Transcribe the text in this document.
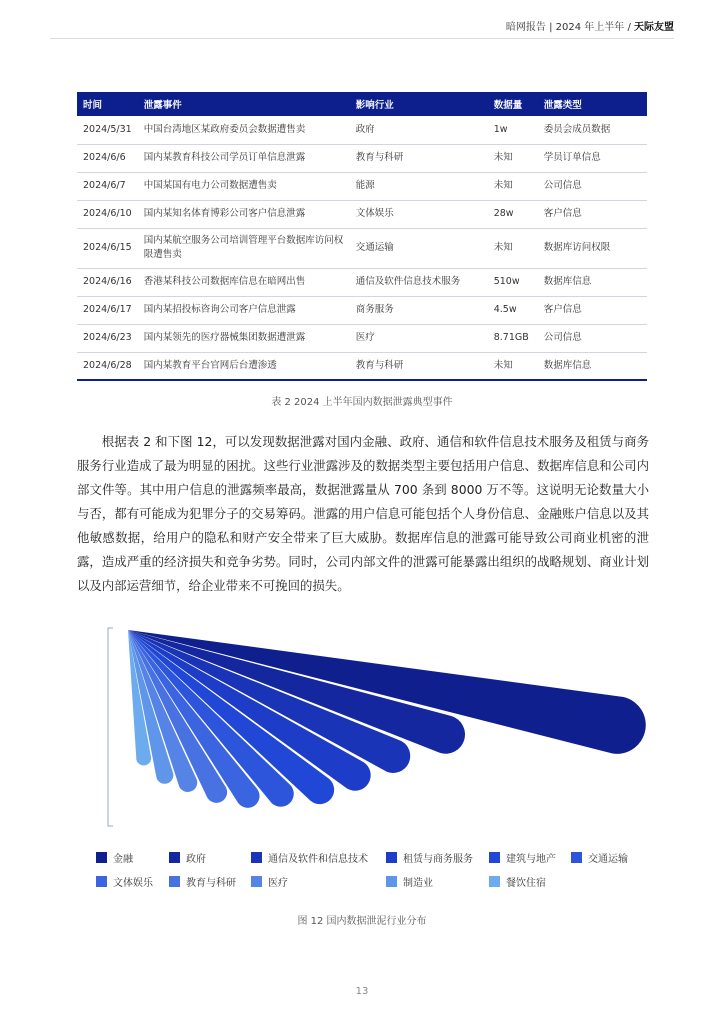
暗网报告 | 2024 年上半年 / 天际友盟
时间	泄露事件	影响行业	数据量	泄露类型
2024/5/31	中国台湾地区某政府委员会数据遭售卖	政府	1w	委员会成员数据
2024/6/6	国内某教育科技公司学员订单信息泄露	教育与科研	未知	学员订单信息
2024/6/7	中国某国有电力公司数据遭售卖	能源	未知	公司信息
2024/6/10	国内某知名体育博彩公司客户信息泄露	文体娱乐	28w	客户信息
2024/6/15	国内某航空服务公司培训管理平台数据库访问权限遭售卖	交通运输	未知	数据库访问权限
2024/6/16	香港某科技公司数据库信息在暗网出售	通信及软件信息技术服务	510w	数据库信息
2024/6/17	国内某招投标咨询公司客户信息泄露	商务服务	4.5w	客户信息
2024/6/23	国内某领先的医疗器械集团数据遭泄露	医疗	8.71GB	公司信息
2024/6/28	国内某教育平台官网后台遭渗透	教育与科研	未知	数据库信息
表 2 2024 上半年国内数据泄露典型事件

根据表 2 和下图 12，可以发现数据泄露对国内金融、政府、通信和软件信息技术服务及租赁与商务服务行业造成了最为明显的困扰。这些行业泄露涉及的数据类型主要包括用户信息、数据库信息和公司内部文件等。其中用户信息的泄露频率最高，数据泄露量从 700 条到 8000 万不等。这说明无论数量大小与否，都有可能成为犯罪分子的交易筹码。泄露的用户信息可能包括个人身份信息、金融账户信息以及其他敏感数据，给用户的隐私和财产安全带来了巨大威胁。数据库信息的泄露可能导致公司商业机密的泄露，造成严重的经济损失和竞争劣势。同时，公司内部文件的泄露可能暴露出组织的战略规划、商业计划以及内部运营细节，给企业带来不可挽回的损失。

金融	政府	通信及软件和信息技术	租赁与商务服务	建筑与地产	交通运输
文体娱乐	教育与科研	医疗	制造业	餐饮住宿
图 12 国内数据泄泥行业分布
13
